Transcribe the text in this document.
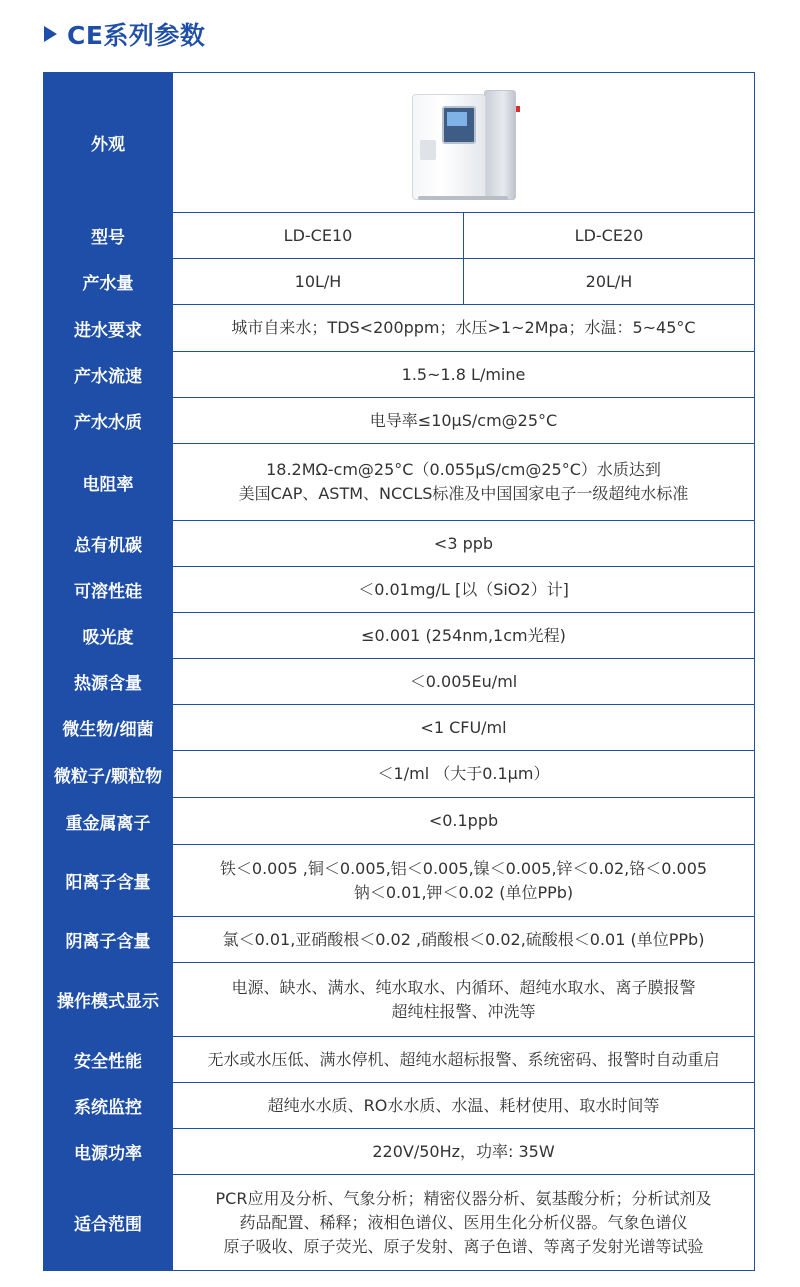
CE系列参数
外观		

型号	LD-CE10	LD-CE20
产水量	10L/H	20L/H
进水要求	城市自来水；TDS<200ppm；水压>1~2Mpa；水温：5~45°C	
产水流速	1.5~1.8 L/mine	
产水水质	电导率≤10μS/cm@25°C	
电阻率	18.2MΩ-cm@25°C（0.055μS/cm@25°C）水质达到
美国CAP、ASTM、NCCLS标准及中国国家电子一级超纯水标准	

总有机碳	<3 ppb	
可溶性硅	＜0.01mg/L [以（SiO2）计]	
吸光度	≤0.001 (254nm,1cm光程)	
热源含量	＜0.005Eu/ml	
微生物/细菌	<1 CFU/ml	
微粒子/颗粒物	＜1/ml （大于0.1μm）	
重金属离子	<0.1ppb	
阳离子含量	铁＜0.005 ,铜＜0.005,铝＜0.005,镍＜0.005,锌＜0.02,铬＜0.005
钠＜0.01,钾＜0.02 (单位PPb)	

阴离子含量	氯＜0.01,亚硝酸根＜0.02 ,硝酸根＜0.02,硫酸根＜0.01 (单位PPb)	
操作模式显示	电源、缺水、满水、纯水取水、内循环、超纯水取水、离子膜报警
超纯柱报警、冲洗等	

安全性能	无水或水压低、满水停机、超纯水超标报警、系统密码、报警时自动重启	
系统监控	超纯水水质、RO水水质、水温、耗材使用、取水时间等	
电源功率	220V/50Hz，功率: 35W	
适合范围	PCR应用及分析、气象分析；精密仪器分析、氨基酸分析；分析试剂及
药品配置、稀释；液相色谱仪、医用生化分析仪器。气象色谱仪
原子吸收、原子荧光、原子发射、离子色谱、等离子发射光谱等试验	
